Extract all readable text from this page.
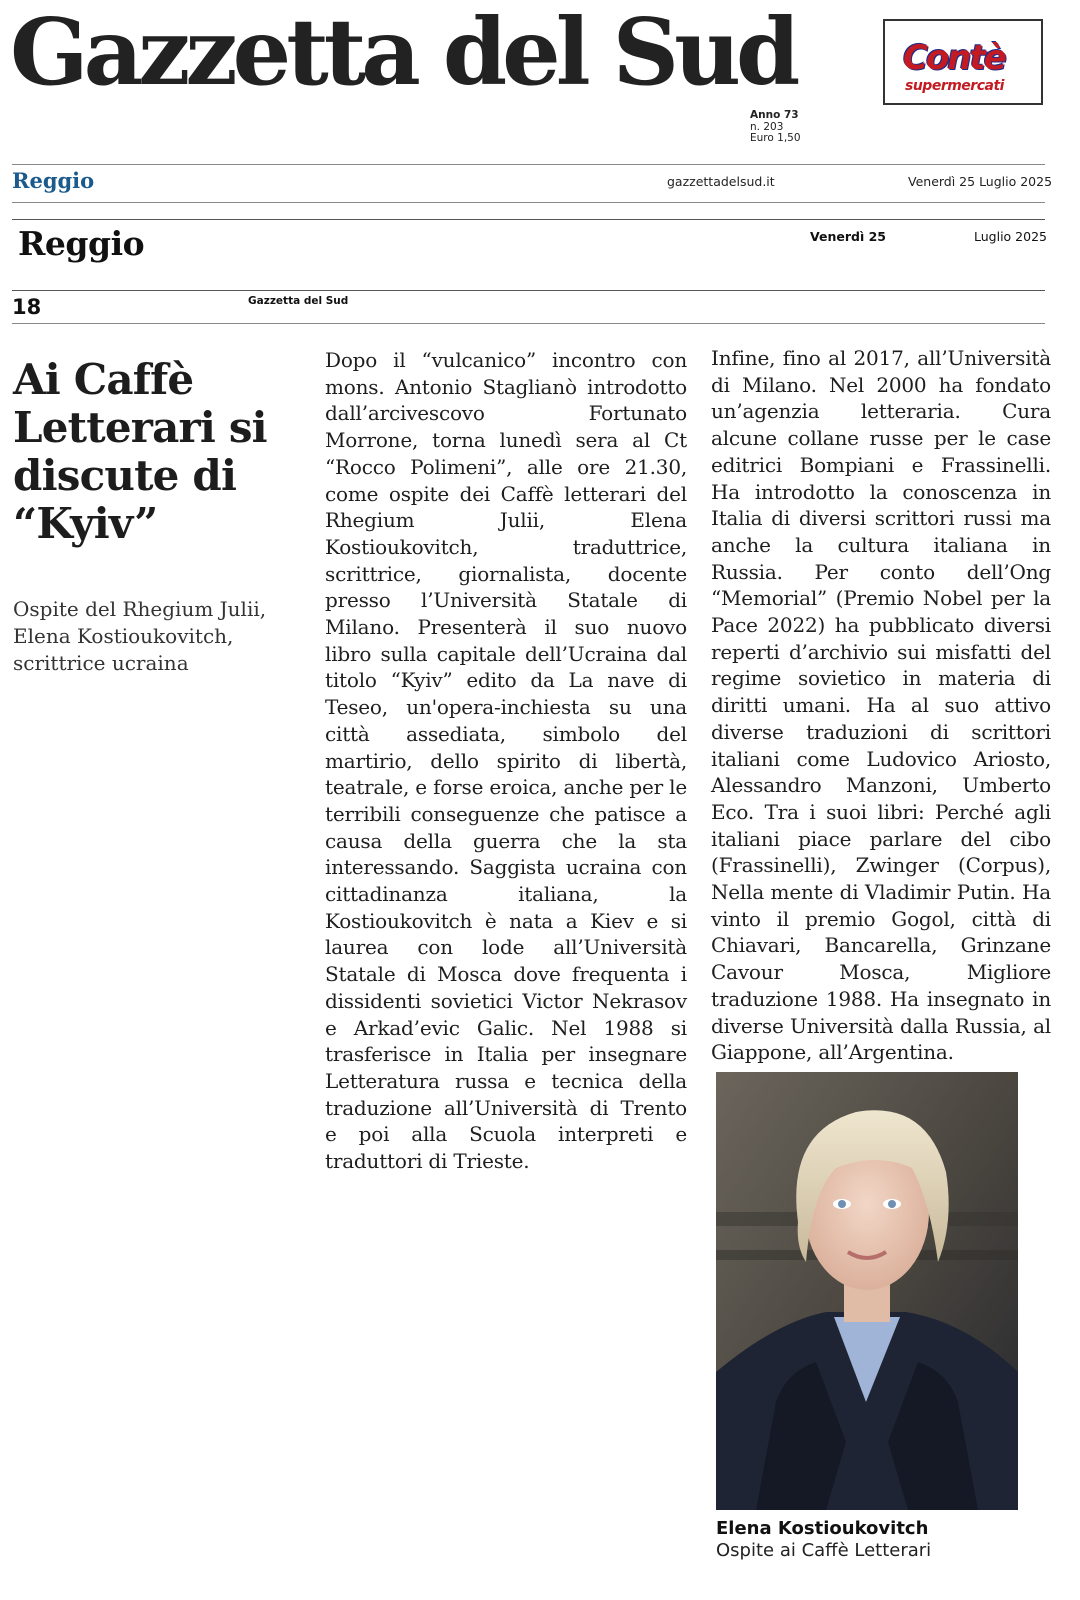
Gazzetta del Sud
Anno 73
n. 203
Euro 1,50
Contè
supermercati
Reggio	gazzettadelsud.it	Venerdì 25 Luglio 2025
Reggio	Venerdì 25	Luglio 2025
18	Gazzetta del Sud
Ai Caffè Letterari si discute di “Kyiv”
Ospite del Rhegium Julii, Elena Kostioukovitch, scrittrice ucraina
Dopo il “vulcanico” incontro con mons. Antonio Staglianò introdotto dall’arcivescovo Fortunato Morrone, torna lunedì sera al Ct “Rocco Polimeni”, alle ore 21.30, come ospite dei Caffè letterari del Rhegium Julii, Elena Kostioukovitch, traduttrice, scrittrice, giornalista, docente presso l’Università Statale di Milano. Presenterà il suo nuovo libro sulla capitale dell’Ucraina dal titolo “Kyiv” edito da La nave di Teseo, un'opera-inchiesta su una città assediata, simbolo del martirio, dello spirito di libertà, teatrale, e forse eroica, anche per le terribili conseguenze che patisce a causa della guerra che la sta interessando. Saggista ucraina con cittadinanza italiana, la Kostioukovitch è nata a Kiev e si laurea con lode all’Università Statale di Mosca dove frequenta i dissidenti sovietici Victor Nekrasov e Arkad’evic Galic. Nel 1988 si trasferisce in Italia per insegnare Letteratura russa e tecnica della traduzione all’Università di Trento e poi alla Scuola interpreti e traduttori di Trieste.
Infine, fino al 2017, all’Università di Milano. Nel 2000 ha fondato un’agenzia letteraria. Cura alcune collane russe per le case editrici Bompiani e Frassinelli. Ha introdotto la conoscenza in Italia di diversi scrittori russi ma anche la cultura italiana in Russia. Per conto dell’Ong “Memorial” (Premio Nobel per la Pace 2022) ha pubblicato diversi reperti d’archivio sui misfatti del regime sovietico in materia di diritti umani. Ha al suo attivo diverse traduzioni di scrittori italiani come Ludovico Ariosto, Alessandro Manzoni, Umberto Eco. Tra i suoi libri: Perché agli italiani piace parlare del cibo (Frassinelli), Zwinger (Corpus), Nella mente di Vladimir Putin. Ha vinto il premio Gogol, città di Chiavari, Bancarella, Grinzane Cavour Mosca, Migliore traduzione 1988. Ha insegnato in diverse Università dalla Russia, al Giappone, all’Argentina.
Elena Kostioukovitch
Ospite ai Caffè Letterari
